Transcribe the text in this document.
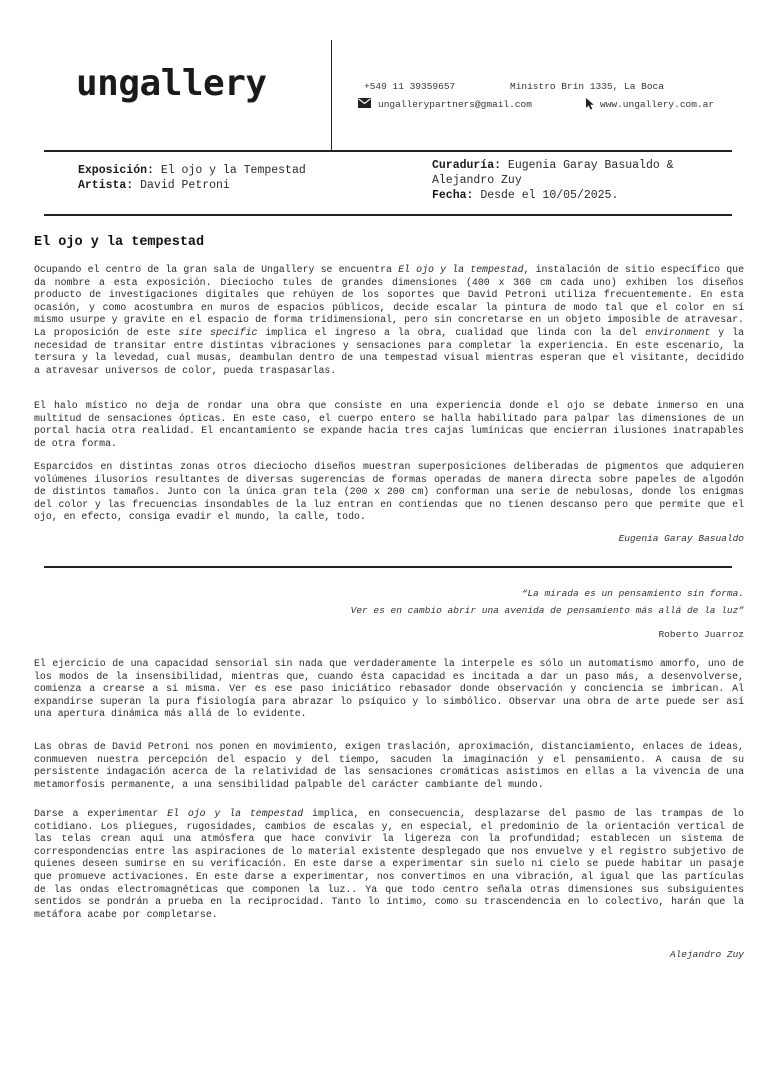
ungallery	+549 11 39359657	Ministro Brin 1335, La Boca
ungallerypartners@gmail.com	www.ungallery.com.ar
Exposición: El ojo y la Tempestad
Artista: David Petroni
Curaduría: Eugenia Garay Basualdo &
Alejandro Zuy
Fecha: Desde el 10/05/2025.
El ojo y la tempestad

Ocupando el centro de la gran sala de Ungallery se encuentra El ojo y la tempestad, instalación de sitio específico que da nombre a esta exposición. Dieciocho tules de grandes dimensiones (400 x 360 cm cada uno) exhiben los diseños producto de investigaciones digitales que rehúyen de los soportes que David Petroni utiliza frecuentemente. En esta ocasión, y como acostumbra en muros de espacios públicos, decide escalar la pintura de modo tal que el color en sí mismo usurpe y gravite en el espacio de forma tridimensional, pero sin concretarse en un objeto imposible de atravesar. La proposición de este site specific implica el ingreso a la obra, cualidad que linda con la del environment y la necesidad de transitar entre distintas vibraciones y sensaciones para completar la experiencia. En este escenario, la tersura y la levedad, cual musas, deambulan dentro de una tempestad visual mientras esperan que el visitante, decidido a atravesar universos de color, pueda traspasarlas.

El halo místico no deja de rondar una obra que consiste en una experiencia donde el ojo se debate inmerso en una multitud de sensaciones ópticas. En este caso, el cuerpo entero se halla habilitado para palpar las dimensiones de un portal hacia otra realidad. El encantamiento se expande hacia tres cajas lumínicas que encierran ilusiones inatrapables de otra forma.

Esparcidos en distintas zonas otros dieciocho diseños muestran superposiciones deliberadas de pigmentos que adquieren volúmenes ilusorios resultantes de diversas sugerencias de formas operadas de manera directa sobre papeles de algodón de distintos tamaños. Junto con la única gran tela (200 x 200 cm) conforman una serie de nebulosas, donde los enigmas del color y las frecuencias insondables de la luz entran en contiendas que no tienen descanso pero que permite que el ojo, en efecto, consiga evadir el mundo, la calle, todo.

Eugenia Garay Basualdo
“La mirada es un pensamiento sin forma.
Ver es en cambio abrir una avenida de pensamiento más allá de la luz”
Roberto Juarroz

El ejercicio de una capacidad sensorial sin nada que verdaderamente la interpele es sólo un automatismo amorfo, uno de los modos de la insensibilidad, mientras que, cuando ésta capacidad es incitada a dar un paso más, a desenvolverse, comienza a crearse a sí misma. Ver es ese paso iniciático rebasador donde observación y conciencia se imbrican. Al expandirse superan la pura fisiología para abrazar lo psíquico y lo simbólico. Observar una obra de arte puede ser así una apertura dinámica más allá de lo evidente.

Las obras de David Petroni nos ponen en movimiento, exigen traslación, aproximación, distanciamiento, enlaces de ideas, conmueven nuestra percepción del espacio y del tiempo, sacuden la imaginación y el pensamiento. A causa de su persistente indagación acerca de la relatividad de las sensaciones cromáticas asistimos en ellas a la vivencia de una metamorfosis permanente, a una sensibilidad palpable del carácter cambiante del mundo.

Darse a experimentar El ojo y la tempestad implica, en consecuencia, desplazarse del pasmo de las trampas de lo cotidiano. Los pliegues, rugosidades, cambios de escalas y, en especial, el predominio de la orientación vertical de las telas crean aquí una atmósfera que hace convivir la ligereza con la profundidad; establecen un sistema de correspondencias entre las aspiraciones de lo material existente desplegado que nos envuelve y el registro subjetivo de quienes deseen sumirse en su verificación. En este darse a experimentar sin suelo ni cielo se puede habitar un pasaje que promueve activaciones. En este darse a experimentar, nos convertimos en una vibración, al igual que las partículas de las ondas electromagnéticas que componen la luz.. Ya que todo centro señala otras dimensiones sus subsiguientes sentidos se pondrán a prueba en la reciprocidad. Tanto lo íntimo, como su trascendencia en lo colectivo, harán que la metáfora acabe por completarse.

Alejandro Zuy
